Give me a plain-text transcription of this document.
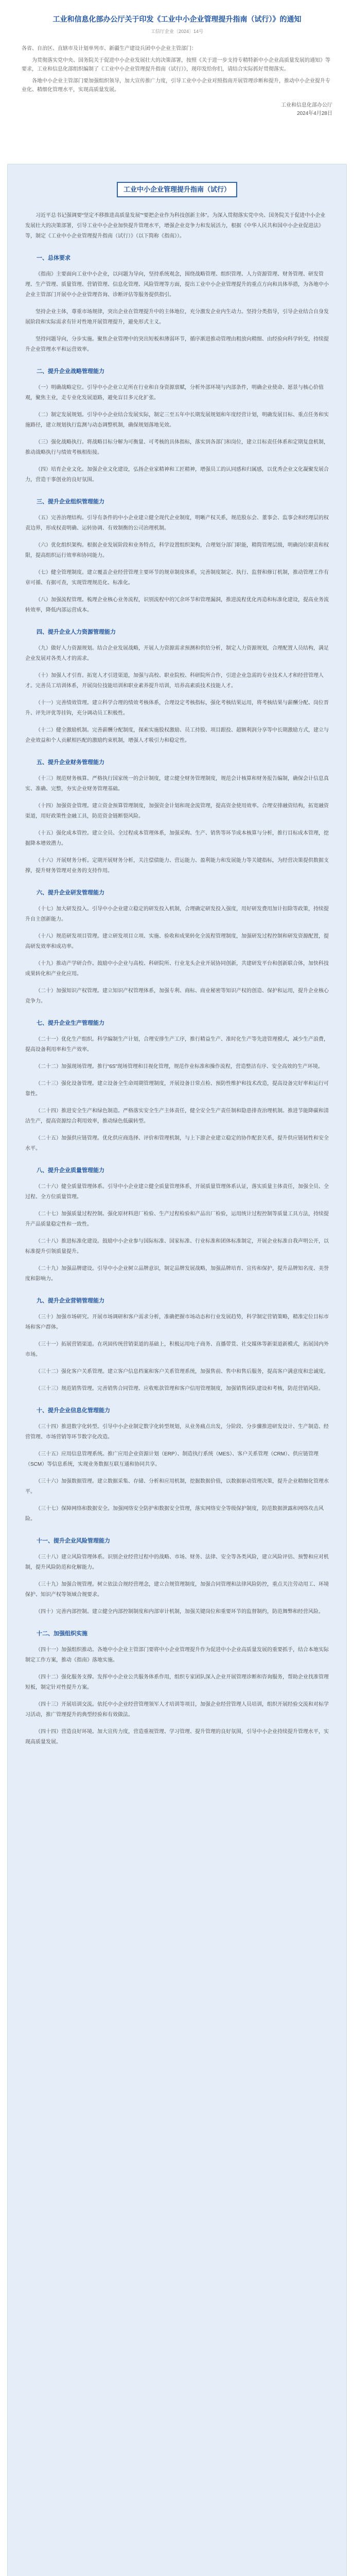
工业和信息化部办公厅关于印发《工业中小企业管理提升指南（试行）》的通知
工信厅企业〔2024〕14号

各省、自治区、直辖市及计划单列市、新疆生产建设兵团中小企业主管部门：

为贯彻落实党中央、国务院关于促进中小企业发展壮大的决策部署，按照《关于进一步支持专精特新中小企业高质量发展的通知》等要求，工业和信息化部组织编制了《工业中小企业管理提升指南（试行）》，现印发给你们，请结合实际抓好贯彻落实。

各地中小企业主管部门要加强组织领导，加大宣传推广力度，引导工业中小企业对照指南开展管理诊断和提升，推动中小企业提升专业化、精细化管理水平，实现高质量发展。

工业和信息化部办公厅
2024年4月28日
工业中小企业管理提升指南（试行）

习近平总书记强调要“坚定不移推进高质量发展”“要把企业作为科技创新主体”。为深入贯彻落实党中央、国务院关于促进中小企业发展壮大的决策部署，引导工业中小企业加快提升管理水平，增强企业竞争力和发展活力，根据《中华人民共和国中小企业促进法》等，制定《工业中小企业管理提升指南（试行）》（以下简称《指南》）。

一、总体要求

《指南》主要面向工业中小企业，以问题为导向，坚持系统观念，围绕战略管理、组织管理、人力资源管理、财务管理、研发管理、生产管理、质量管理、营销管理、信息化管理、风险管理等方面，提出工业中小企业管理提升的重点方向和具体举措，为各地中小企业主管部门开展中小企业管理咨询、诊断评估等服务提供指引。

坚持企业主体，尊重市场规律，突出企业在管理提升中的主体地位，充分激发企业内生动力。坚持分类指导，引导企业结合自身发展阶段和实际需求有针对性地开展管理提升，避免形式主义。

坚持问题导向，分步实施。聚焦企业管理中的突出短板和薄弱环节，循序渐进推动管理由粗放向精细、由经验向科学转变，持续提升企业管理水平和运营效率。

二、提升企业战略管理能力

（一）明确战略定位。引导中小企业立足所在行业和自身资源禀赋，分析外部环境与内部条件，明确企业使命、愿景与核心价值观，聚焦主业，走专业化发展道路，避免盲目多元化扩张。

（二）制定发展规划。引导中小企业结合发展实际，制定三至五年中长期发展规划和年度经营计划，明确发展目标、重点任务和实施路径，建立规划执行监测与动态调整机制，确保规划落地见效。

（三）强化战略执行。将战略目标分解为可衡量、可考核的具体指标，落实到各部门和岗位，建立目标责任体系和定期复盘机制，推动战略执行与绩效考核相衔接。

（四）培育企业文化。加强企业文化建设，弘扬企业家精神和工匠精神，增强员工的认同感和归属感，以优秀企业文化凝聚发展合力，营造干事创业的良好氛围。

三、提升企业组织管理能力

（五）完善治理结构。引导有条件的中小企业建立健全现代企业制度，明晰产权关系，规范股东会、董事会、监事会和经理层的权责边界，形成权责明确、运转协调、有效制衡的公司治理机制。

（六）优化组织架构。根据企业发展阶段和业务特点，科学设置组织架构，合理划分部门职能，精简管理层级，明确岗位职责和权限，提高组织运行效率和协同能力。

（七）健全管理制度。建立覆盖企业经营管理主要环节的规章制度体系，完善制度制定、执行、监督和修订机制，推动管理工作有章可循、有据可查，实现管理规范化、标准化。

（八）加强流程管理。梳理企业核心业务流程，识别流程中的冗余环节和管理漏洞，推进流程优化再造和标准化建设，提高业务流转效率，降低内部运营成本。

四、提升企业人力资源管理能力

（九）做好人力资源规划。结合企业发展战略，开展人力资源需求预测和供给分析，制定人力资源规划，合理配置人员结构，满足企业发展对各类人才的需求。

（十）加强人才引育。拓宽人才引进渠道，加强与高校、职业院校、科研院所合作，引进企业急需的专业技术人才和经营管理人才。完善员工培训体系，开展岗位技能培训和职业素养提升培训，培养高素质技术技能人才。

（十一）完善绩效管理。建立科学合理的绩效考核体系，合理设定考核指标，强化考核结果运用，将考核结果与薪酬分配、岗位晋升、评先评优等挂钩，充分调动员工积极性。

（十二）健全激励机制。完善薪酬分配制度，探索实施股权激励、员工持股、项目跟投、超额利润分享等中长期激励方式，建立与企业效益和个人贡献相匹配的激励约束机制，增强人才吸引力和稳定性。

五、提升企业财务管理能力

（十三）规范财务核算。严格执行国家统一的会计制度，建立健全财务管理制度，规范会计核算和财务报告编制，确保会计信息真实、准确、完整，夯实企业财务管理基础。

（十四）加强资金管理。建立资金预算管理制度，加强资金计划和现金流管理，提高资金使用效率。合理安排融资结构，拓宽融资渠道，用好政策性金融工具，防范资金链断裂风险。

（十五）强化成本管控。建立全员、全过程成本管理体系，加强采购、生产、销售等环节成本核算与分析，推行目标成本管理，挖掘降本增效潜力。

（十六）开展财务分析。定期开展财务分析，关注偿债能力、营运能力、盈利能力和发展能力等关键指标，为经营决策提供数据支撑，提升财务管理对业务的支持作用。

六、提升企业研发管理能力

（十七）加大研发投入。引导中小企业建立稳定的研发投入机制，合理确定研发投入强度，用好研发费用加计扣除等政策，持续提升自主创新能力。

（十八）规范研发项目管理。建立研发项目立项、实施、验收和成果转化全流程管理制度，加强研发过程控制和研发资源配置，提高研发效率和成功率。

（十九）推动产学研合作。鼓励中小企业与高校、科研院所、行业龙头企业开展协同创新，共建研发平台和创新联合体，加快科技成果转化和产业化应用。

（二十）加强知识产权管理。建立知识产权管理体系，加强专利、商标、商业秘密等知识产权的创造、保护和运用，提升企业核心竞争力。

七、提升企业生产管理能力

（二十一）优化生产组织。科学编制生产计划，合理安排生产工序，推行精益生产、准时化生产等先进管理模式，减少生产浪费，提高设备利用率和生产效率。

（二十二）加强现场管理。推行“6S”现场管理和目视化管理，规范作业标准和操作流程，营造整洁有序、安全高效的生产环境。

（二十三）强化设备管理。建立设备全生命周期管理制度，开展设备日常点检、预防性维护和技术改造，提高设备完好率和运行可靠性。

（二十四）推进安全生产和绿色制造。严格落实安全生产主体责任，健全安全生产责任制和隐患排查治理机制。推进节能降碳和清洁生产，提高资源综合利用效率，推动绿色低碳转型。

（二十五）加强供应链管理。优化供应商选择、评价和管理机制，与上下游企业建立稳定的协作配套关系，提升供应链韧性和安全水平。

八、提升企业质量管理能力

（二十六）健全质量管理体系。引导中小企业建立健全质量管理体系，开展质量管理体系认证，落实质量主体责任，加强全员、全过程、全方位质量管理。

（二十七）加强质量过程控制。强化原材料进厂检验、生产过程检验和产品出厂检验，运用统计过程控制等质量工具方法，持续提升产品质量稳定性和一致性。

（二十八）推进标准化建设。鼓励中小企业参与国际标准、国家标准、行业标准和团体标准制定，开展企业标准自我声明公开，以标准提升引领质量提升。

（二十九）加强品牌建设。引导中小企业树立品牌意识，制定品牌发展战略，加强品牌培育、宣传和保护，提升品牌知名度、美誉度和影响力。

九、提升企业营销管理能力

（三十）加强市场研究。开展市场调研和客户需求分析，准确把握市场动态和行业发展趋势，科学制定营销策略，精准定位目标市场和客户群体。

（三十一）拓展营销渠道。在巩固传统营销渠道的基础上，积极运用电子商务、直播带货、社交媒体等新渠道新模式，拓展国内外市场。

（三十二）强化客户关系管理。建立客户信息档案和客户关系管理系统，加强售前、售中和售后服务，提高客户满意度和忠诚度。

（三十三）规范销售管理。完善销售合同管理、应收账款管理和客户信用管理制度，加强销售团队建设和考核，防范营销风险。

十、提升企业信息化管理能力

（三十四）推进数字化转型。引导中小企业制定数字化转型规划，从业务痛点出发，分阶段、分步骤推进研发设计、生产制造、经营管理、市场营销等环节数字化改造。

（三十五）应用信息管理系统。推广应用企业资源计划（ERP）、制造执行系统（MES）、客户关系管理（CRM）、供应链管理（SCM）等信息系统，实现业务数据互联互通和协同共享。

（三十六）加强数据管理。建立数据采集、存储、分析和应用机制，挖掘数据价值，以数据驱动管理决策，提升企业精细化管理水平。

（三十七）保障网络和数据安全。加强网络安全防护和数据安全管理，落实网络安全等级保护制度，防范数据泄露和网络攻击风险。

十一、提升企业风险管理能力

（三十八）建立风险管理体系。识别企业经营过程中的战略、市场、财务、法律、安全等各类风险，建立风险评估、预警和应对机制，提升风险防范和化解能力。

（三十九）加强合规管理。树立依法合规经营理念，建立合规管理制度，加强合同管理和法律风险防控，重点关注劳动用工、环境保护、知识产权等领域合规要求。

（四十）完善内部控制。建立健全内部控制制度和内部审计机制，加强关键岗位和重要环节的监督制约，防范舞弊和经营风险。

十二、加强组织实施

（四十一）加强组织推动。各地中小企业主管部门要将中小企业管理提升作为促进中小企业高质量发展的重要抓手，结合本地实际制定工作方案，推动《指南》落地实施。

（四十二）强化服务支撑。发挥中小企业公共服务体系作用，组织专家团队深入企业开展管理诊断和咨询服务，帮助企业找准管理短板，制定针对性提升方案。

（四十三）开展培训交流。依托中小企业经营管理领军人才培训等项目，加强企业经营管理人员培训，组织开展经验交流和对标学习活动，推广管理提升的典型经验和有效做法。

（四十四）营造良好环境。加大宣传力度，营造重视管理、学习管理、提升管理的良好氛围，引导中小企业持续提升管理水平，实现高质量发展。
